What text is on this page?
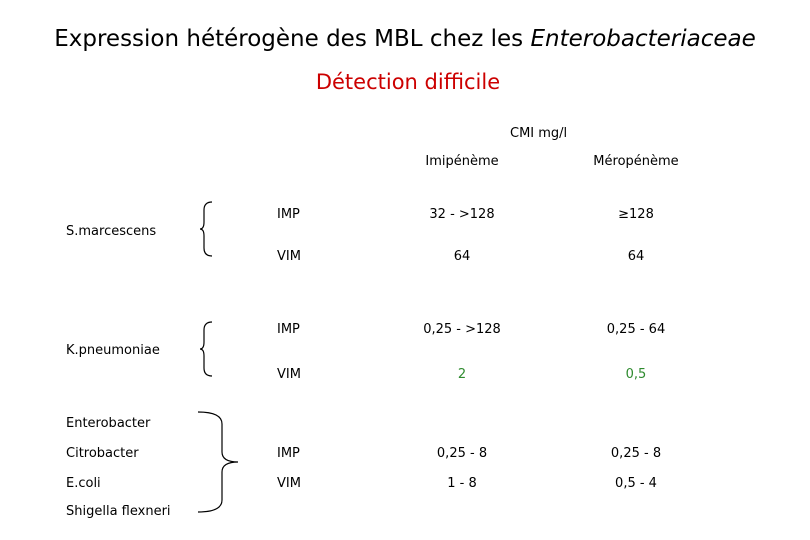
Expression hétérogène des MBL chez les Enterobacteriaceae
Détection difficile
CMI mg/l
Imipénème	Méropénème
S.marcescens
IMP	32 - >128	≥128
VIM	64	64
K.pneumoniae
IMP	0,25 - >128	0,25 - 64
VIM	2	0,5
Enterobacter
Citrobacter
E.coli
Shigella flexneri
IMP	0,25 - 8	0,25 - 8
VIM	1 - 8	0,5 - 4
